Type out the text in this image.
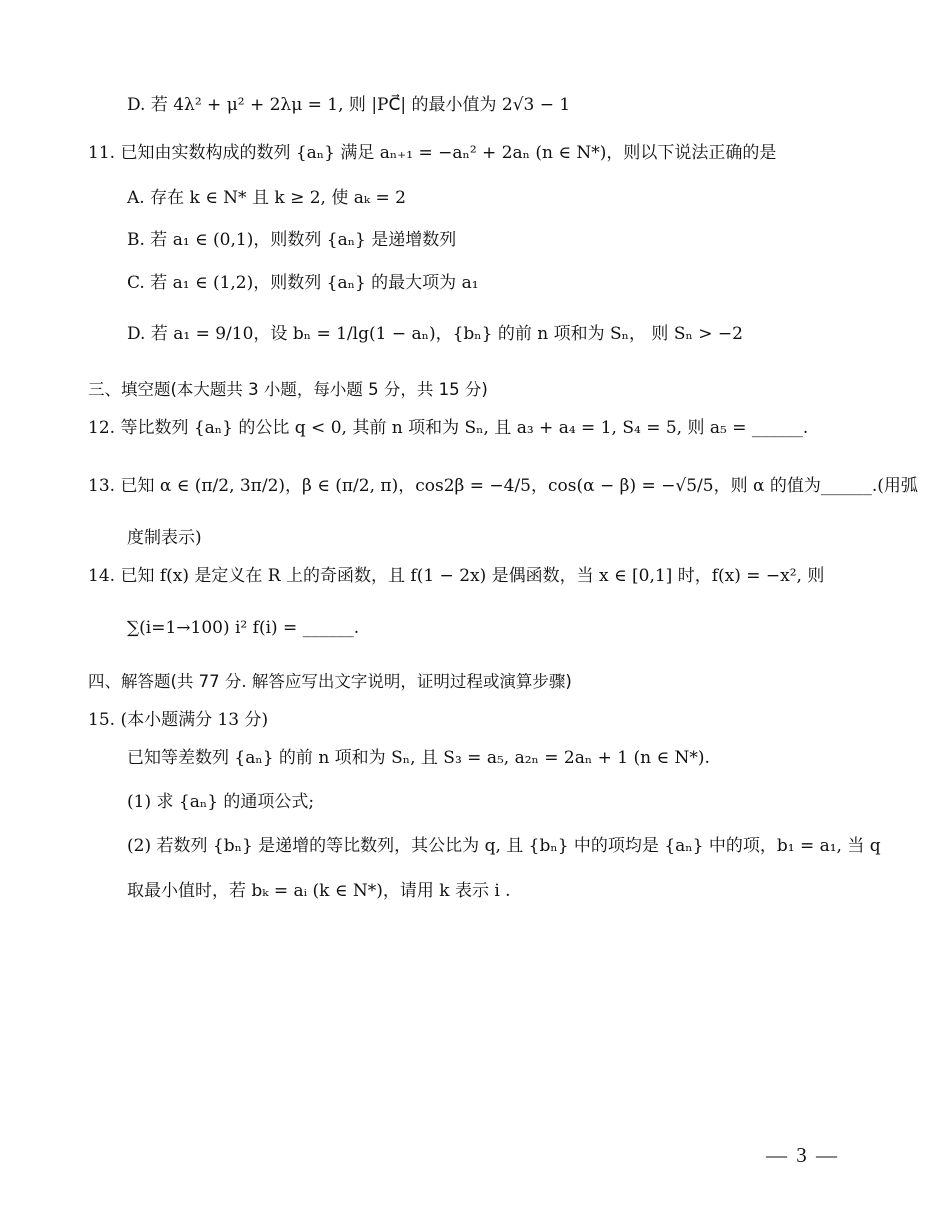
D. 若 4λ² + μ² + 2λμ = 1, 则 |PC⃗| 的最小值为 2√3 − 1
11. 已知由实数构成的数列 {aₙ} 满足 aₙ₊₁ = −aₙ² + 2aₙ (n ∈ N*)，则以下说法正确的是
A. 存在 k ∈ N* 且 k ≥ 2, 使 aₖ = 2
B. 若 a₁ ∈ (0,1)，则数列 {aₙ} 是递增数列
C. 若 a₁ ∈ (1,2)，则数列 {aₙ} 的最大项为 a₁
D. 若 a₁ = 9/10，设 bₙ = 1/lg(1 − aₙ)，{bₙ} 的前 n 项和为 Sₙ， 则 Sₙ > −2
三、填空题(本大题共 3 小题，每小题 5 分，共 15 分)
12. 等比数列 {aₙ} 的公比 q < 0, 其前 n 项和为 Sₙ, 且 a₃ + a₄ = 1, S₄ = 5, 则 a₅ = ______.
13. 已知 α ∈ (π/2, 3π/2)，β ∈ (π/2, π)，cos2β = −4/5，cos(α − β) = −√5/5，则 α 的值为______.(用弧
度制表示)
14. 已知 f(x) 是定义在 R 上的奇函数，且 f(1 − 2x) 是偶函数，当 x ∈ [0,1] 时，f(x) = −x², 则
∑(i=1→100) i² f(i) = ______.
四、解答题(共 77 分. 解答应写出文字说明，证明过程或演算步骤)
15. (本小题满分 13 分)
已知等差数列 {aₙ} 的前 n 项和为 Sₙ, 且 S₃ = a₅, a₂ₙ = 2aₙ + 1 (n ∈ N*).
(1) 求 {aₙ} 的通项公式;
(2) 若数列 {bₙ} 是递增的等比数列，其公比为 q, 且 {bₙ} 中的项均是 {aₙ} 中的项，b₁ = a₁, 当 q
取最小值时，若 bₖ = aᵢ (k ∈ N*)，请用 k 表示 i .
— 3 —
